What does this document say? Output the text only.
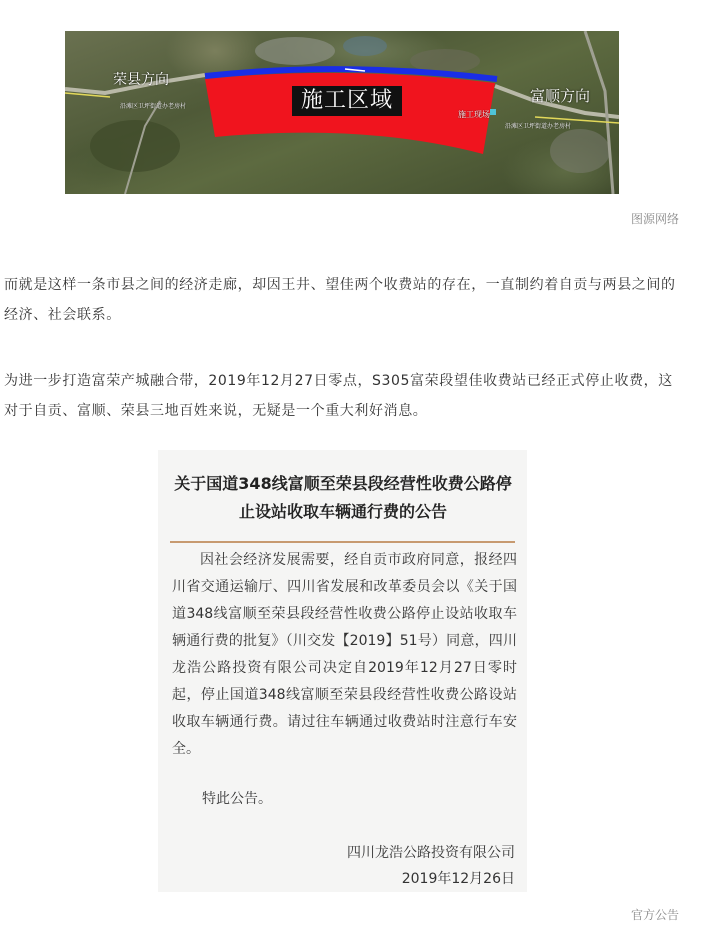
荣县方向
富顺方向
施工区域
沿滩区卫坪街道办老房村
沿滩区卫坪街道办老房村
施工现场
图源网络
而就是这样一条市县之间的经济走廊，却因王井、望佳两个收费站的存在，一直制约着自贡与两县之间的经济、社会联系。
为进一步打造富荣产城融合带，2019年12月27日零点，S305富荣段望佳收费站已经正式停止收费，这对于自贡、富顺、荣县三地百姓来说，无疑是一个重大利好消息。
关于国道348线富顺至荣县段经营性收费公路停止设站收取车辆通行费的公告
因社会经济发展需要，经自贡市政府同意，报经四川省交通运输厅、四川省发展和改革委员会以《关于国道348线富顺至荣县段经营性收费公路停止设站收取车辆通行费的批复》（川交发【2019】51号）同意，四川龙浩公路投资有限公司决定自2019年12月27日零时起，停止国道348线富顺至荣县段经营性收费公路设站收取车辆通行费。请过往车辆通过收费站时注意行车安全。
特此公告。
四川龙浩公路投资有限公司
2019年12月26日
官方公告
